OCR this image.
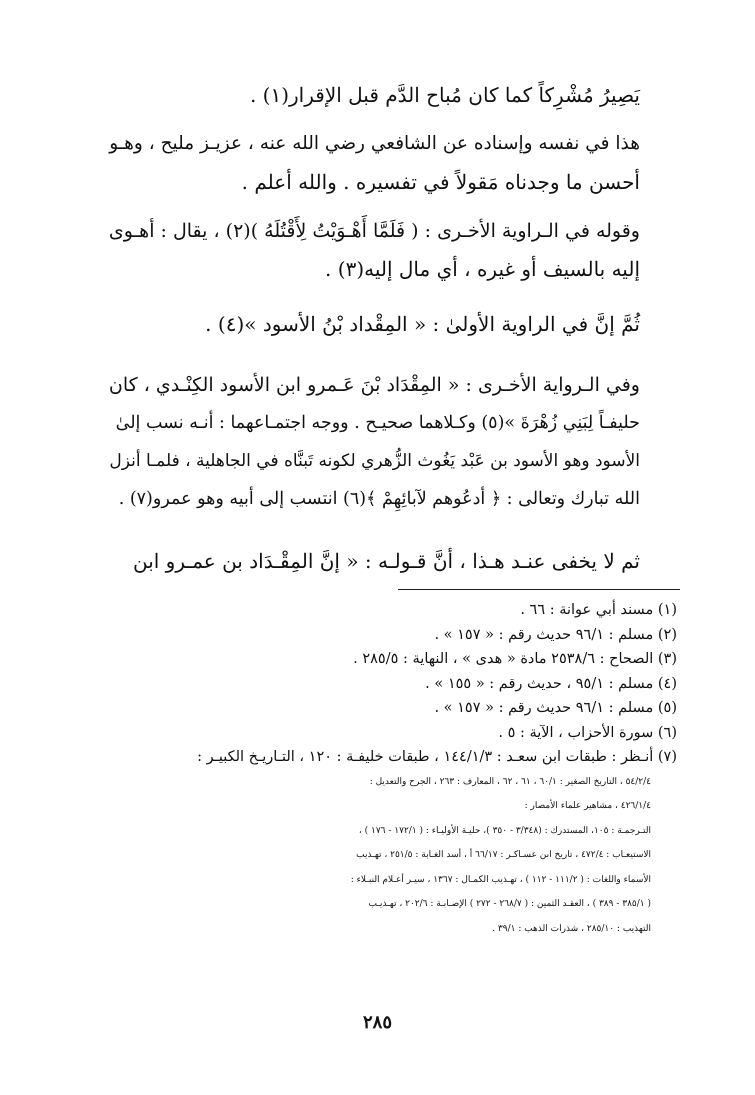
يَصِيرُ مُشْرِكاً كما كان مُباح الدَّم قبل الإقرار(١) .

هذا في نفسه وإسناده عن الشافعي رضي الله عنه ، عزيـز مليح ، وهـو
أحسن ما وجدناه مَقولاً في تفسيره . والله أعلم .

وقوله في الـراوية الأخـرى : ( فَلَمَّا أَهْـوَيْتُ لِأَقْتُلَهُ )(٢) ، يقال : أهـوى
إليه بالسيف أو غيره ، أي مال إليه(٣) .

ثُمَّ إنَّ في الراوية الأولىٰ : « المِقْداد بْنُ الأسود »(٤) .

وفي الـرواية الأخـرى : « المِقْدَاد بْنَ عَـمرو ابن الأسود الكِنْـدي ، كان
حليفـاً لِبَنِي زُهْرَةَ »(٥) وكـلاهما صحيـح . ووجه اجتمـاعهما : أنـه نسب إلىٰ
الأسود وهو الأسود بن عَبْد يَغُوث الزُّهري لكونه تَبنَّاه في الجاهلية ، فلمـا أنزل
الله تبارك وتعالى : ﴿ أدعُوهم لآبائِهِمْ ﴾(٦) انتسب إلى أبيه وهو عمرو(٧) .

ثم لا يخفى عنـد هـذا ، أنَّ قـولـه : « إنَّ المِقْـدَاد بن عمـرو ابن

(١) مسند أبي عوانة : ٦٦ .
(٢) مسلم : ٩٦/١ حديث رقم : « ١٥٧ » .
(٣) الصحاح : ٢٥٣٨/٦ مادة « هدى » ، النهاية : ٢٨٥/٥ .
(٤) مسلم : ٩٥/١ ، حديث رقم : « ١٥٥ » .
(٥) مسلم : ٩٦/١ حديث رقم : « ١٥٧ » .
(٦) سورة الأحزاب ، الآية : ٥ .
(٧) أنـظر : طبقات ابن سعـد : ١٤٤/١/٣ ، طبقات خليفـة : ١٢٠ ، التـاريـخ الكبيـر :
٥٤/٢/٤ ، التاريخ الصغير : ٦٠/١ ، ٦١ ، ٦٢ ، المعارف : ٢٦٣ ، الجرح والتعديل :
٤٢٦/١/٤ ، مشاهير علماء الأمصار :
التـرجمـة : ١٠٥، المستدرك : (٣/٣٤٨ - ٣٥٠ )، حليـة الأوليـاء : ( ١٧٢/١ - ١٧٦ ) ،
الاستيعـاب : ٤٧٢/٤ ، تاريخ ابن عسـاكـر : ٦٦/١٧ أ ، أسد الغـابة : ٢٥١/٥ ، تهـذيب
الأسماء واللغات : ( ١١١/٢ - ١١٢ ) ، تهـذيب الكمـال : ١٣٦٧ ، سيـر أعـلام النبـلاء :
( ٣٨٥/١ - ٣٨٩ ) ، العقـد الثمين : ( ٢٦٨/٧ - ٢٧٢ ) الإصـابـة : ٢٠٢/٦ ، تهـذيـب
التهذيب : ٢٨٥/١٠ ، شذرات الذهب : ٣٩/١ .
٢٨٥
